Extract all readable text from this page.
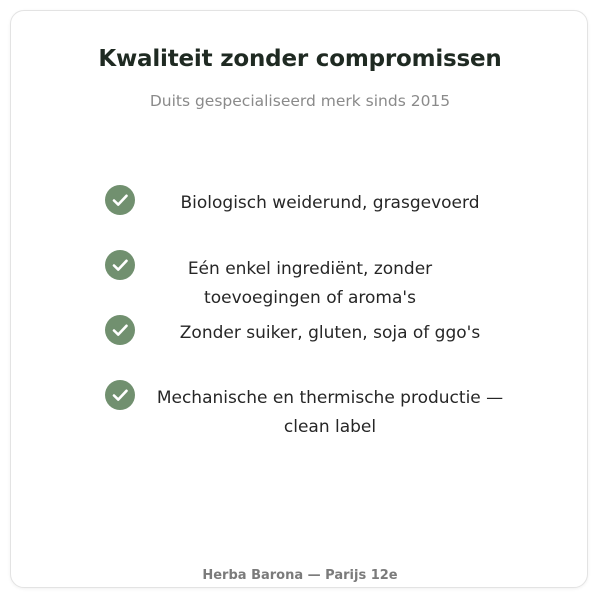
Kwaliteit zonder compromissen
Duits gespecialiseerd merk sinds 2015
Biologisch weiderund, grasgevoerd
Eén enkel ingrediënt, zonder toevoegingen of aroma's
Zonder suiker, gluten, soja of ggo's
Mechanische en thermische productie — clean label
Herba Barona — Parijs 12e
